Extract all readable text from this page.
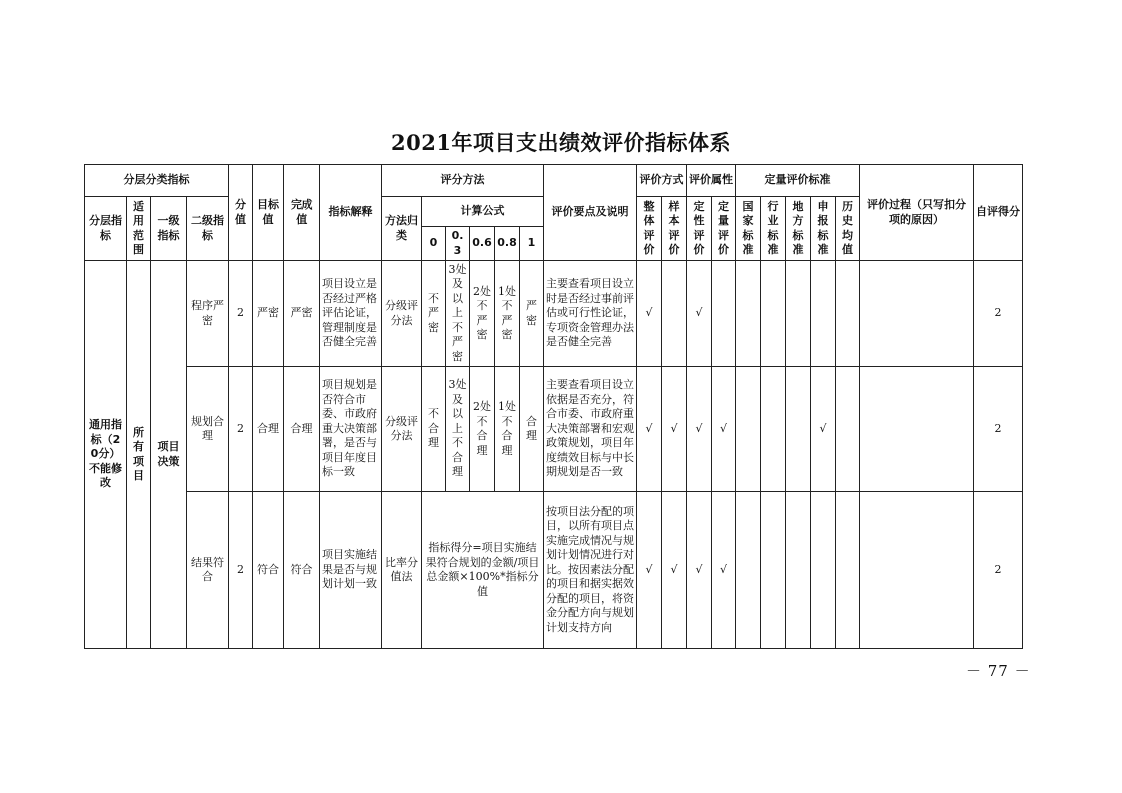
2021年项目支出绩效评价指标体系
分层分类指标				分值	目标值	完成值	指标解释	评分方法						评价要点及说明	评价方式		评价属性		定量评价标准					评价过程（只写扣分项的原因）	自评得分
分层指标	适用范围	一级指标	二级指标					方法归类	计算公式						整体评价	样本评价	定性评价	定量评价	国家标准	行业标准	地方标准	申报标准	历史均值		
									0	0.3	0.6	0.8	1												
通用指标（20分）不能修改	所有项目	项目决策	程序严密	2	严密	严密	项目设立是否经过严格评估论证，管理制度是否健全完善	分级评分法	不严密	3处及以上不严密	2处不严密	1处不严密	严密	主要查看项目设立时是否经过事前评估或可行性论证，专项资金管理办法是否健全完善	√		√								2
			规划合理	2	合理	合理	项目规划是否符合市委、市政府重大决策部署，是否与项目年度目标一致	分级评分法	不合理	3处及以上不合理	2处不合理	1处不合理	合理	主要查看项目设立依据是否充分，符合市委、市政府重大决策部署和宏观政策规划，项目年度绩效目标与中长期规划是否一致	√	√	√	√				√			2
			结果符合	2	符合	符合	项目实施结果是否与规划计划一致	比率分值法	指标得分=项目实施结果符合规划的金额/项目总金额×100%*指标分值					按项目法分配的项目，以所有项目点实施完成情况与规划计划情况进行对比。按因素法分配的项目和据实据效分配的项目，将资金分配方向与规划计划支持方向	√	√	√	√							2
－ 77 －
